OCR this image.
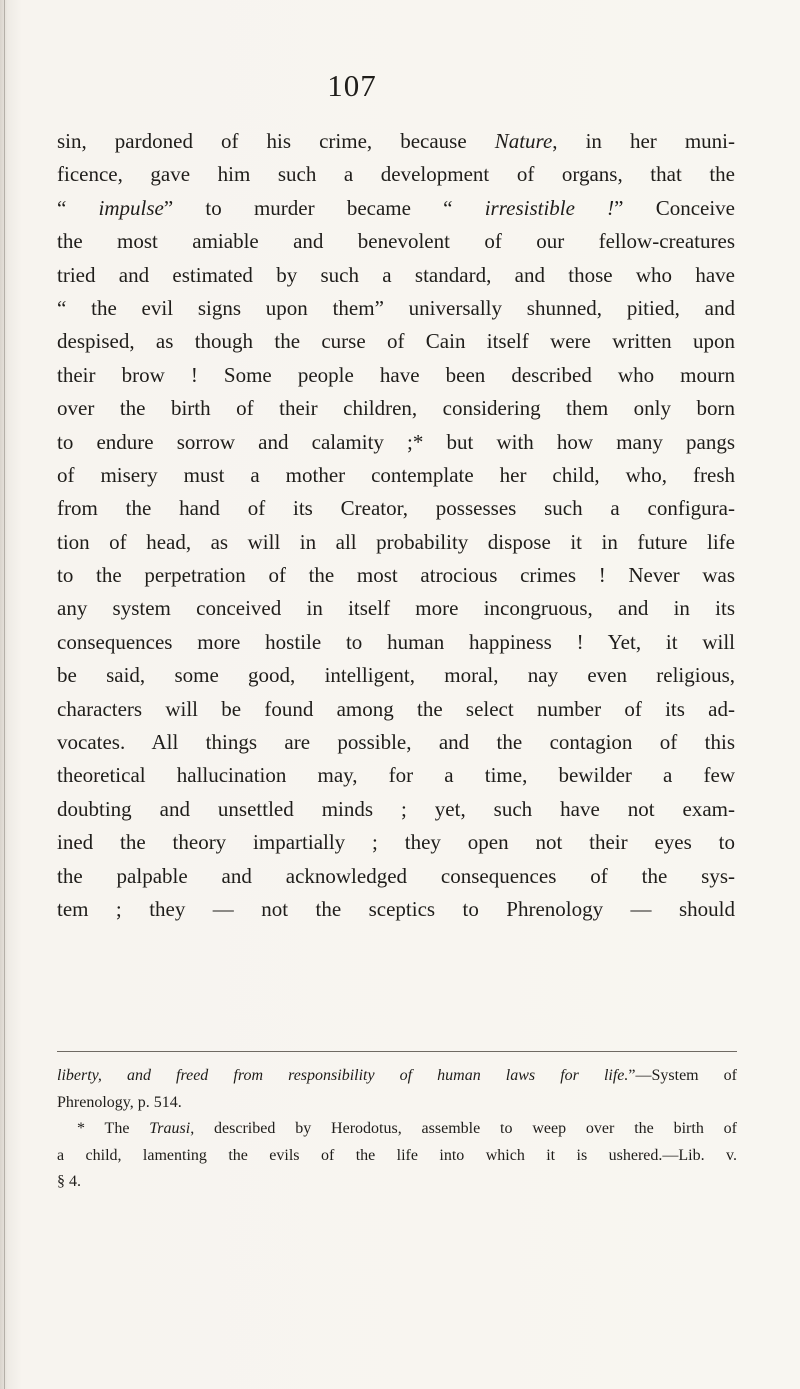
107
sin, pardoned of his crime, because Nature, in her muni-
ficence, gave him such a development of organs, that the
“ impulse” to murder became “ irresistible !” Conceive
the most amiable and benevolent of our fellow-creatures
tried and estimated by such a standard, and those who have
“ the evil signs upon them” universally shunned, pitied, and
despised, as though the curse of Cain itself were written upon
their brow ! Some people have been described who mourn
over the birth of their children, considering them only born
to endure sorrow and calamity ;* but with how many pangs
of misery must a mother contemplate her child, who, fresh
from the hand of its Creator, possesses such a configura-
tion of head, as will in all probability dispose it in future life
to the perpetration of the most atrocious crimes ! Never was
any system conceived in itself more incongruous, and in its
consequences more hostile to human happiness ! Yet, it will
be said, some good, intelligent, moral, nay even religious,
characters will be found among the select number of its ad-
vocates. All things are possible, and the contagion of this
theoretical hallucination may, for a time, bewilder a few
doubting and unsettled minds ; yet, such have not exam-
ined the theory impartially ; they open not their eyes to
the palpable and acknowledged consequences of the sys-
tem ; they — not the sceptics to Phrenology — should
liberty, and freed from responsibility of human laws for life.”—System of
Phrenology, p. 514.
* The Trausi, described by Herodotus, assemble to weep over the birth of
a child, lamenting the evils of the life into which it is ushered.—Lib. v.
§ 4.
